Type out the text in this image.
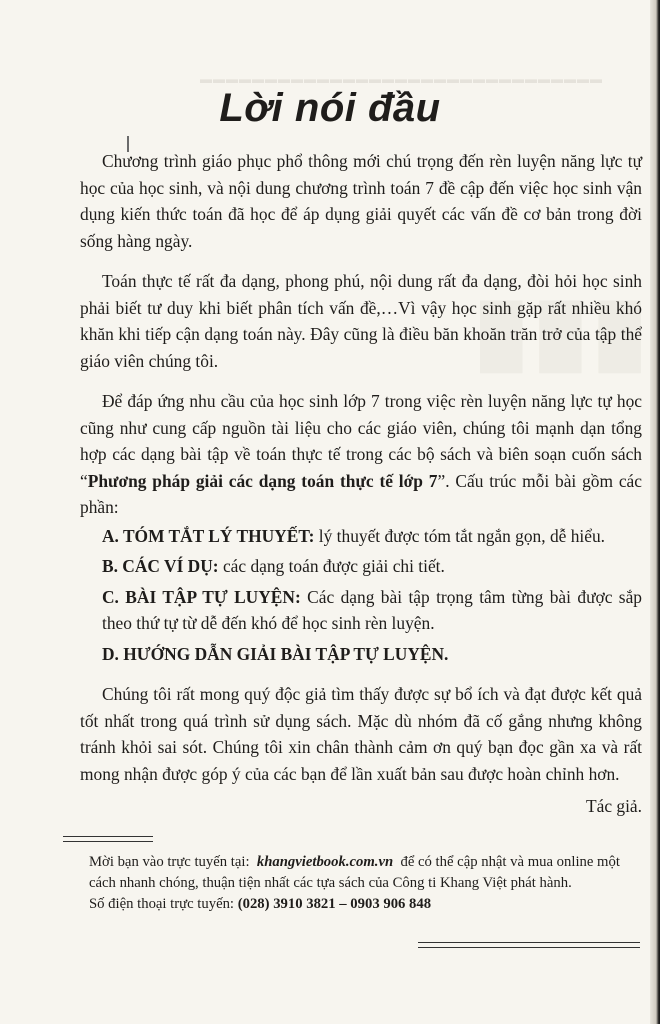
▬▬▬▬▬▬▬▬▬▬▬▬▬▬▬▬▬▬▬▬▬▬▬▬▬▬▬▬▬▬▬
█ █ █
Lời nói đầu

Chương trình giáo phục phổ thông mới chú trọng đến rèn luyện năng lực tự học của học sinh, và nội dung chương trình toán 7 đề cập đến việc học sinh vận dụng kiến thức toán đã học để áp dụng giải quyết các vấn đề cơ bản trong đời sống hàng ngày.

Toán thực tế rất đa dạng, phong phú, nội dung rất đa dạng, đòi hỏi học sinh phải biết tư duy khi biết phân tích vấn đề,…Vì vậy học sinh gặp rất nhiều khó khăn khi tiếp cận dạng toán này. Đây cũng là điều băn khoăn trăn trở của tập thể giáo viên chúng tôi.

Để đáp ứng nhu cầu của học sinh lớp 7 trong việc rèn luyện năng lực tự học cũng như cung cấp nguồn tài liệu cho các giáo viên, chúng tôi mạnh dạn tổng hợp các dạng bài tập về toán thực tế trong các bộ sách và biên soạn cuốn sách “Phương pháp giải các dạng toán thực tế lớp 7”. Cấu trúc mỗi bài gồm các phần:

A. TÓM TẮT LÝ THUYẾT: lý thuyết được tóm tắt ngắn gọn, dễ hiểu.
B. CÁC VÍ DỤ: các dạng toán được giải chi tiết.
C. BÀI TẬP TỰ LUYỆN: Các dạng bài tập trọng tâm từng bài được sắp theo thứ tự từ dễ đến khó để học sinh rèn luyện.
D. HƯỚNG DẪN GIẢI BÀI TẬP TỰ LUYỆN.

Chúng tôi rất mong quý độc giả tìm thấy được sự bổ ích và đạt được kết quả tốt nhất trong quá trình sử dụng sách. Mặc dù nhóm đã cố gắng nhưng không tránh khỏi sai sót. Chúng tôi xin chân thành cảm ơn quý bạn đọc gần xa và rất mong nhận được góp ý của các bạn để lần xuất bản sau được hoàn chỉnh hơn.

Tác giả.

Mời bạn vào trực tuyến tại: khangvietbook.com.vn để có thể cập nhật và mua online một cách nhanh chóng, thuận tiện nhất các tựa sách của Công ti Khang Việt phát hành.

Số điện thoại trực tuyến: (028) 3910 3821 – 0903 906 848
